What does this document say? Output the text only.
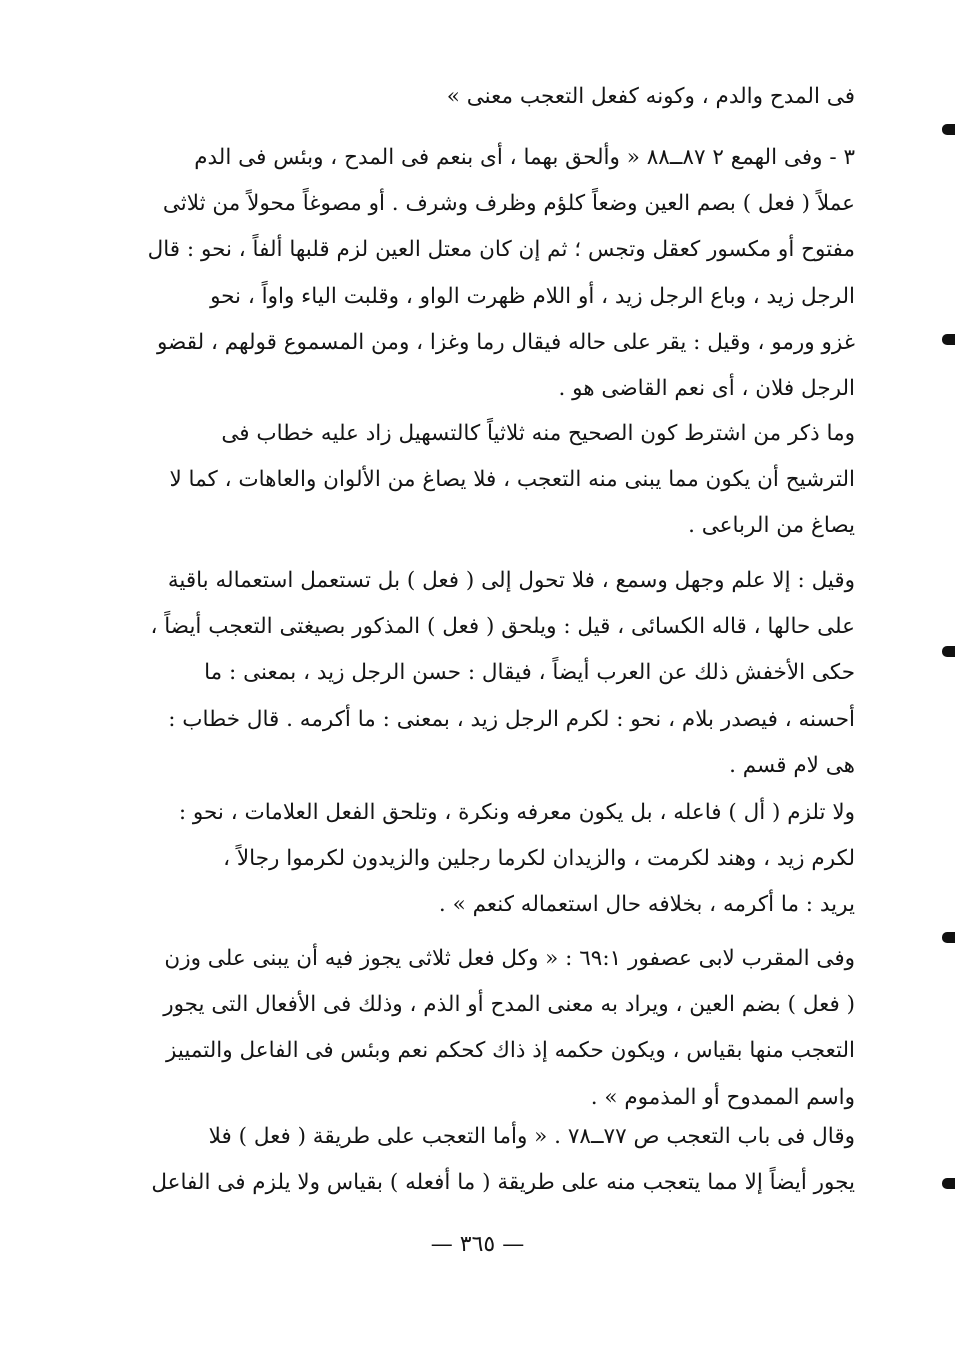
فى المدح والدم ، وكونه كفعل التعجب معنى »
٣ - وفى الهمع ٢ ٨٧ــ٨٨ « وألحق بهما ، أى بنعم فى المدح ، وبئس فى الدم
عملاً ( فعل ) بصم العين وضعاً كلؤم وظرف وشرف . أو مصوغاً محولاً من ثلاثى
مفتوح أو مكسور كعقل وتجس ؛ ثم إن كان معتل العين لزم قلبها ألفاً ، نحو : قال
الرجل زيد ، وباع الرجل زيد ، أو اللام ظهرت الواو ، وقلبت الياء واواً ، نحو
غزو ورمو ، وقيل : يقر على حاله فيقال رما وغزا ، ومن المسموع قولهم ، لقضو
الرجل فلان ، أى نعم القاضى هو .
وما ذكر من اشترط كون الصحيح منه ثلاثياً كالتسهيل زاد عليه خطاب فى
الترشيح أن يكون مما يبنى منه التعجب ، فلا يصاغ من الألوان والعاهات ، كما لا
يصاغ من الرباعى .
وقيل : إلا علم وجهل وسمع ، فلا تحول إلى ( فعل ) بل تستعمل استعماله باقية
على حالها ، قاله الكسائى ، قيل : ويلحق ( فعل ) المذكور بصيغتى التعجب أيضاً ،
حكى الأخفش ذلك عن العرب أيضاً ، فيقال : حسن الرجل زيد ، بمعنى : ما
أحسنه ، فيصدر بلام ، نحو : لكرم الرجل زيد ، بمعنى : ما أكرمه . قال خطاب :
هى لام قسم .
ولا تلزم ( أل ) فاعله ، بل يكون معرفه ونكرة ، وتلحق الفعل العلامات ، نحو :
لكرم زيد ، وهند لكرمت ، والزيدان لكرما رجلين والزيدون لكرموا رجالاً ،
يريد : ما أكرمه ، بخلافه حال استعماله كنعم » .
وفى المقرب لابى عصفور ٦٩:١ : « وكل فعل ثلاثى يجوز فيه أن يبنى على وزن
( فعل ) بضم العين ، ويراد به معنى المدح أو الذم ، وذلك فى الأفعال التى يجور
التعجب منها بقياس ، ويكون حكمه إذ ذاك كحكم نعم وبئس فى الفاعل والتمييز
واسم الممدوح أو المذموم » .
وقال فى باب التعجب ص ٧٧ــ٧٨ . « وأما التعجب على طريقة ( فعل ) فلا
يجور أيضاً إلا مما يتعجب منه على طريقة ( ما أفعله ) بقياس ولا يلزم فى الفاعل
— ٣٦٥ —
